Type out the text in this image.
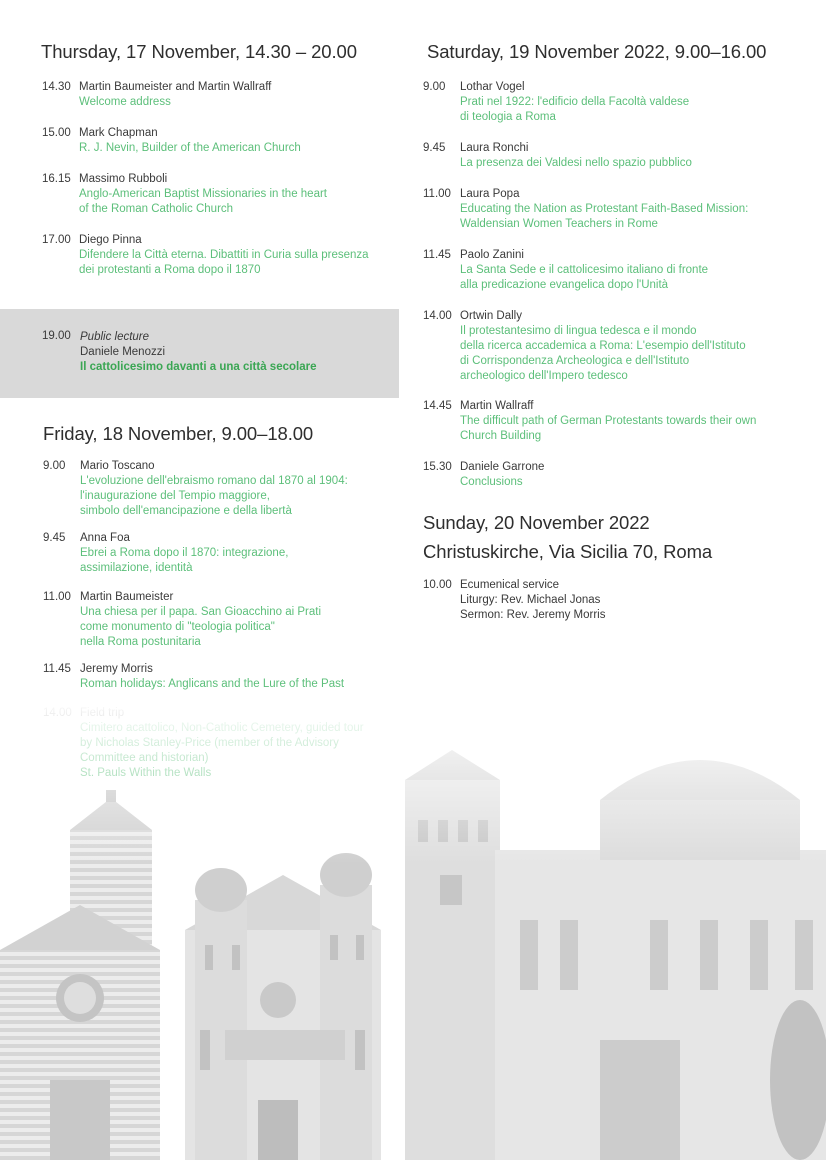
Thursday, 17 November, 14.30 – 20.00
14.30 Martin Baumeister and Martin Wallraff
Welcome address
15.00 Mark Chapman
R. J. Nevin, Builder of the American Church
16.15 Massimo Rubboli
Anglo-American Baptist Missionaries in the heart
of the Roman Catholic Church
17.00 Diego Pinna
Difendere la Città eterna. Dibattiti in Curia sulla presenza
dei protestanti a Roma dopo il 1870
19.00 Public lecture
Daniele Menozzi
Il cattolicesimo davanti a una città secolare
Friday, 18 November, 9.00–18.00
9.00	Mario Toscano
L'evoluzione dell'ebraismo romano dal 1870 al 1904:
l'inaugurazione del Tempio maggiore,
simbolo dell'emancipazione e della libertà
9.45	Anna Foa
Ebrei a Roma dopo il 1870: integrazione,
assimilazione, identità
11.00 Martin Baumeister
Una chiesa per il papa. San Gioacchino ai Prati
come monumento di "teologia politica"
nella Roma postunitaria
11.45 Jeremy Morris
Roman holidays: Anglicans and the Lure of the Past
Saturday, 19 November 2022, 9.00–16.00
9.00	Lothar Vogel
Prati nel 1922: l'edificio della Facoltà valdese
di teologia a Roma
9.45	Laura Ronchi
La presenza dei Valdesi nello spazio pubblico
11.00 Laura Popa
Educating the Nation as Protestant Faith-Based Mission:
Waldensian Women Teachers in Rome
11.45 Paolo Zanini
La Santa Sede e il cattolicesimo italiano di fronte
alla predicazione evangelica dopo l'Unità
14.00 Ortwin Dally
Il protestantesimo di lingua tedesca e il mondo
della ricerca accademica a Roma: L'esempio dell'Istituto
di Corrispondenza Archeologica e dell'Istituto
archeologico dell'Impero tedesco
14.45 Martin Wallraff
The difficult path of German Protestants towards their own
Church Building
15.30 Daniele Garrone
Conclusions
Sunday, 20 November 2022
Christuskirche, Via Sicilia 70, Roma
10.00 Ecumenical service
Liturgy: Rev. Michael Jonas
Sermon: Rev. Jeremy Morris
